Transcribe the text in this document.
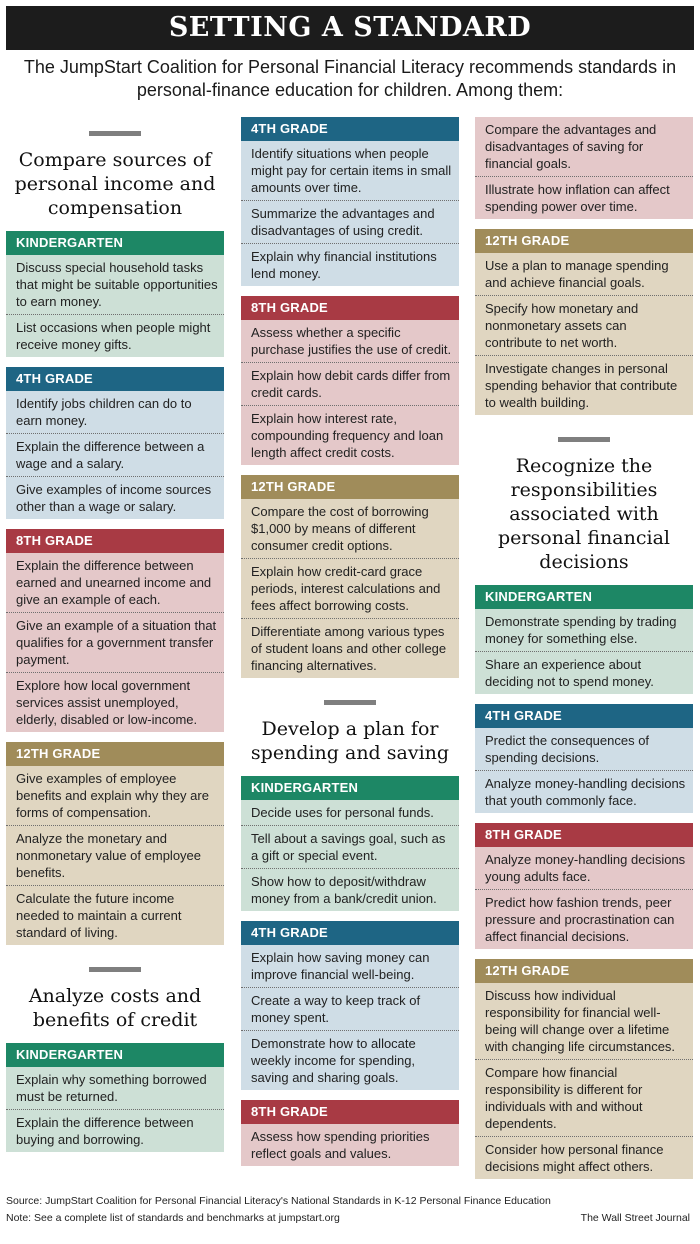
SETTING A STANDARD
The JumpStart Coalition for Personal Financial Literacy recommends standards in personal-finance education for children. Among them:
Compare sources of personal income and compensation
KINDERGARTEN
Discuss special household tasks that might be suitable opportunities to earn money.
List occasions when people might receive money gifts.
4TH GRADE
Identify jobs children can do to earn money.
Explain the difference between a wage and a salary.
Give examples of income sources other than a wage or salary.
8TH GRADE
Explain the difference between earned and unearned income and give an example of each.
Give an example of a situation that qualifies for a government transfer payment.
Explore how local government services assist unemployed, elderly, disabled or low-income.
12TH GRADE
Give examples of employee benefits and explain why they are forms of compensation.
Analyze the monetary and nonmonetary value of employee benefits.
Calculate the future income needed to maintain a current standard of living.
Analyze costs and benefits of credit
KINDERGARTEN
Explain why something borrowed must be returned.
Explain the difference between buying and borrowing.
4TH GRADE
Identify situations when people might pay for certain items in small amounts over time.
Summarize the advantages and disadvantages of using credit.
Explain why financial institutions lend money.
8TH GRADE
Assess whether a specific purchase justifies the use of credit.
Explain how debit cards differ from credit cards.
Explain how interest rate, compounding frequency and loan length affect credit costs.
12TH GRADE
Compare the cost of borrowing $1,000 by means of different consumer credit options.
Explain how credit-card grace periods, interest calculations and fees affect borrowing costs.
Differentiate among various types of student loans and other college financing alternatives.
Develop a plan for spending and saving
KINDERGARTEN
Decide uses for personal funds.
Tell about a savings goal, such as a gift or special event.
Show how to deposit/withdraw money from a bank/credit union.
4TH GRADE
Explain how saving money can improve financial well-being.
Create a way to keep track of money spent.
Demonstrate how to allocate weekly income for spending, saving and sharing goals.
8TH GRADE
Assess how spending priorities reflect goals and values.
Compare the advantages and disadvantages of saving for financial goals.
Illustrate how inflation can affect spending power over time.
12TH GRADE
Use a plan to manage spending and achieve financial goals.
Specify how monetary and nonmonetary assets can contribute to net worth.
Investigate changes in personal spending behavior that contribute to wealth building.
Recognize the responsibilities associated with personal financial decisions
KINDERGARTEN
Demonstrate spending by trading money for something else.
Share an experience about deciding not to spend money.
4TH GRADE
Predict the consequences of spending decisions.
Analyze money-handling decisions that youth commonly face.
8TH GRADE
Analyze money-handling decisions young adults face.
Predict how fashion trends, peer pressure and procrastination can affect financial decisions.
12TH GRADE
Discuss how individual responsibility for financial well-being will change over a lifetime with changing life circumstances.
Compare how financial responsibility is different for individuals with and without dependents.
Consider how personal finance decisions might affect others.
Source: JumpStart Coalition for Personal Financial Literacy's National Standards in K-12 Personal Finance Education
Note: See a complete list of standards and benchmarks at jumpstart.org	The Wall Street Journal
